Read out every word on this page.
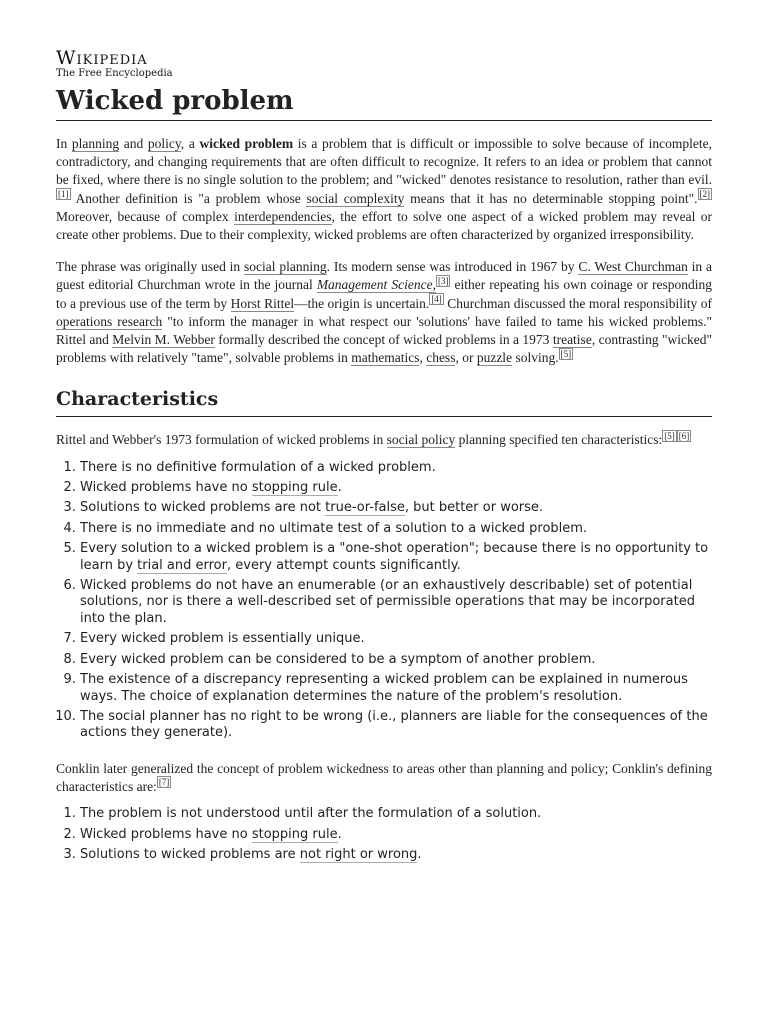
Wikipedia
The Free Encyclopedia
Wicked problem

In planning and policy, a wicked problem is a problem that is difficult or impossible to solve because of incomplete, contradictory, and changing requirements that are often difficult to recognize. It refers to an idea or problem that cannot be fixed, where there is no single solution to the problem; and "wicked" denotes resistance to resolution, rather than evil.[1] Another definition is "a problem whose social complexity means that it has no determinable stopping point". [2] Moreover, because of complex interdependencies, the effort to solve one aspect of a wicked problem may reveal or create other problems. Due to their complexity, wicked problems are often characterized by organized irresponsibility.

The phrase was originally used in social planning. Its modern sense was introduced in 1967 by C. West Churchman in a guest editorial Churchman wrote in the journal Management Science, [3] either repeating his own coinage or responding to a previous use of the term by Horst Rittel—the origin is uncertain. [4] Churchman discussed the moral responsibility of operations research "to inform the manager in what respect our 'solutions' have failed to tame his wicked problems." Rittel and Melvin M. Webber formally described the concept of wicked problems in a 1973 treatise, contrasting "wicked" problems with relatively "tame", solvable problems in mathematics, chess, or puzzle solving. [5]

Characteristics

Rittel and Webber's 1973 formulation of wicked problems in social policy planning specified ten characteristics: [5] [6]

1. There is no definitive formulation of a wicked problem.
2. Wicked problems have no stopping rule.
3. Solutions to wicked problems are not true-or-false, but better or worse.
4. There is no immediate and no ultimate test of a solution to a wicked problem.
5. Every solution to a wicked problem is a "one-shot operation"; because there is no opportunity to learn by trial and error, every attempt counts significantly.
6. Wicked problems do not have an enumerable (or an exhaustively describable) set of potential solutions, nor is there a well-described set of permissible operations that may be incorporated into the plan.
7. Every wicked problem is essentially unique.
8. Every wicked problem can be considered to be a symptom of another problem.
9. The existence of a discrepancy representing a wicked problem can be explained in numerous ways. The choice of explanation determines the nature of the problem's resolution.
10. The social planner has no right to be wrong (i.e., planners are liable for the consequences of the actions they generate).

Conklin later generalized the concept of problem wickedness to areas other than planning and policy; Conklin's defining characteristics are: [7]

1. The problem is not understood until after the formulation of a solution.
2. Wicked problems have no stopping rule.
3. Solutions to wicked problems are not right or wrong.
